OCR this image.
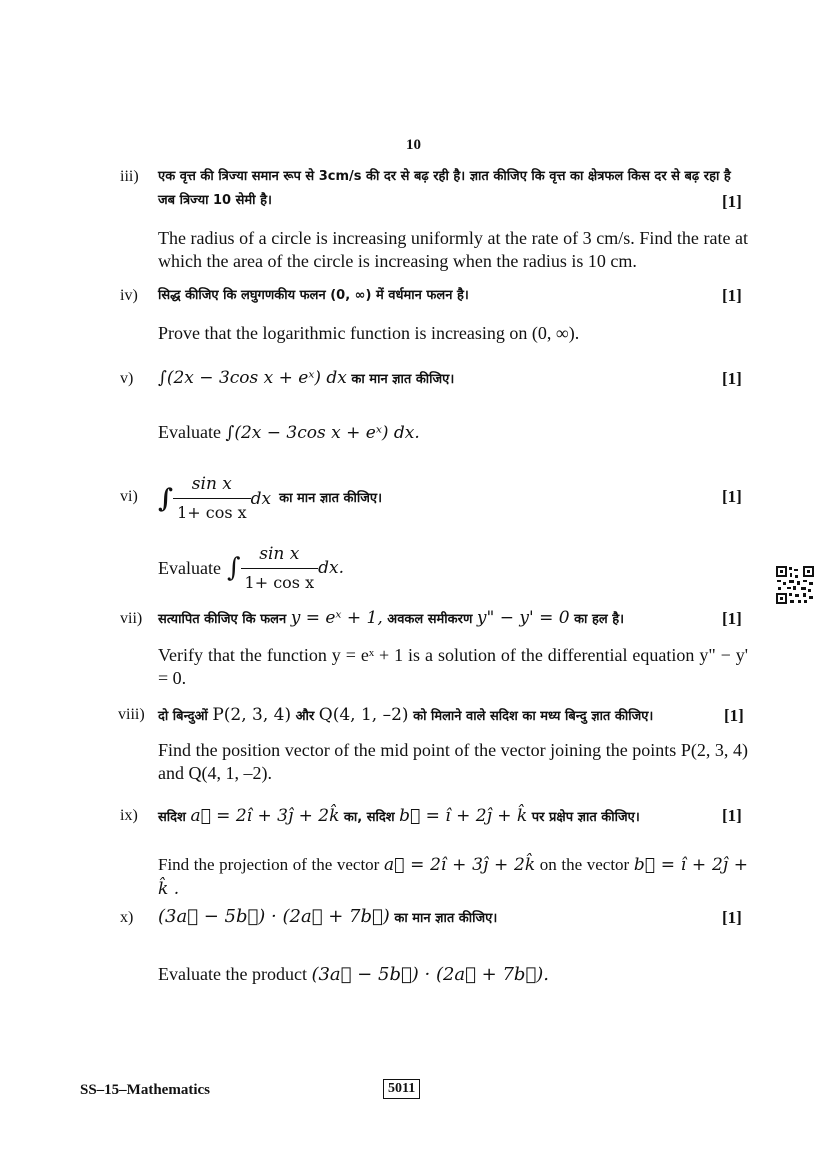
10
iii) एक वृत्त की त्रिज्या समान रूप से 3cm/s की दर से बढ़ रही है। ज्ञात कीजिए कि वृत्त का क्षेत्रफल किस दर से बढ़ रहा है जब त्रिज्या 10 सेमी है।	[1]
The radius of a circle is increasing uniformly at the rate of 3 cm/s. Find the rate at which the area of the circle is increasing when the radius is 10 cm.
iv) सिद्ध कीजिए कि लघुगणकीय फलन (0, ∞) में वर्धमान फलन है।	[1]
Prove that the logarithmic function is increasing on (0, ∞).
v) ∫(2x − 3cos x + eˣ) dx का मान ज्ञात कीजिए।	[1]
Evaluate ∫(2x − 3cos x + eˣ) dx.
vi) ∫ $\frac{\text{sin x}}{\text{1+ cos x}}$ dx का मान ज्ञात कीजिए।	[1]
Evaluate ∫ $\frac{\text{sin x}}{\text{1+ cos x}}$ dx.
vii) सत्यापित कीजिए कि फलन y = eˣ + 1, अवकल समीकरण y" − y' = 0 का हल है।	[1]
Verify that the function y = eˣ + 1 is a solution of the differential equation y" − y' = 0.
viii) दो बिन्दुओं P(2, 3, 4) और Q(4, 1, –2) को मिलाने वाले सदिश का मध्य बिन्दु ज्ञात कीजिए।	[1]
Find the position vector of the mid point of the vector joining the points P(2, 3, 4) and Q(4, 1, –2).
ix) सदिश a⃗ = 2î + 3ĵ + 2k̂ का, सदिश b⃗ = î + 2ĵ + k̂ पर प्रक्षेप ज्ञात कीजिए।	[1]
Find the projection of the vector a⃗ = 2î + 3ĵ + 2k̂ on the vector b⃗ = î + 2ĵ + k̂ .
x) (3a⃗ − 5b⃗) · (2a⃗ + 7b⃗) का मान ज्ञात कीजिए।	[1]
Evaluate the product (3a⃗ − 5b⃗) · (2a⃗ + 7b⃗).
SS–15–Mathematics	5011
